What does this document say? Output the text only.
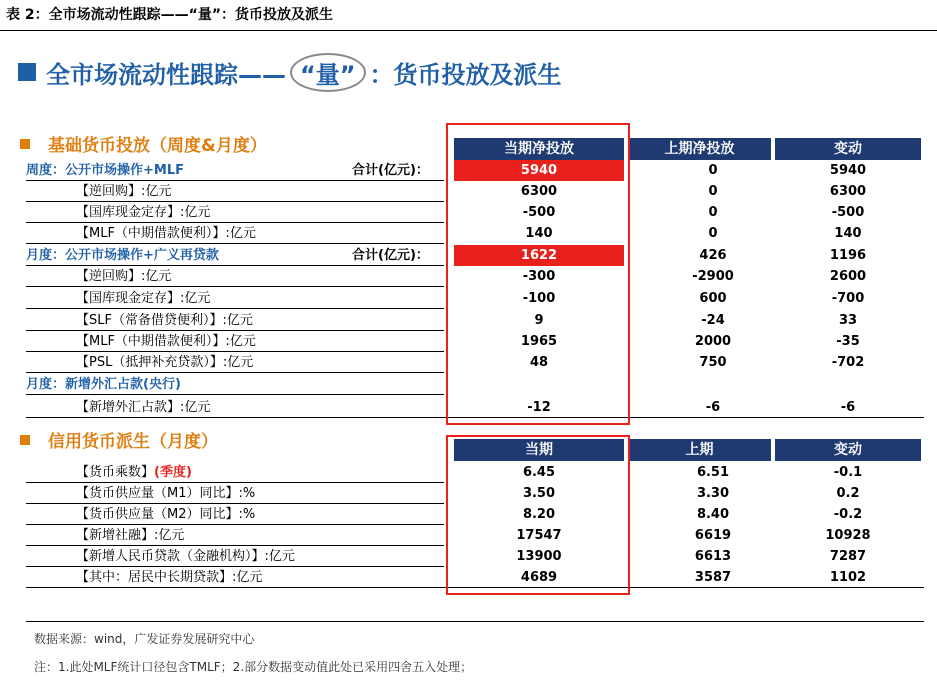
表 2：全市场流动性跟踪——“量”：货币投放及派生
全市场流动性跟踪—— “量” ：货币投放及派生
基础货币投放（周度&月度）	当期净投放	上期净投放	变动
周度：公开市场操作+MLF	合计(亿元)：	5940	0	5940
【逆回购】:亿元	6300	0	6300
【国库现金定存】:亿元	-500	0	-500
【MLF（中期借款便利）】:亿元	140	0	140
月度：公开市场操作+广义再贷款	合计(亿元)：	1622	426	1196
【逆回购】:亿元	-300	-2900	2600
【国库现金定存】:亿元	-100	600	-700
【SLF（常备借贷便利）】:亿元	9	-24	33
【MLF（中期借款便利）】:亿元	1965	2000	-35
【PSL（抵押补充贷款）】:亿元	48	750	-702
月度：新增外汇占款(央行)
【新增外汇占款】:亿元	-12	-6	-6
信用货币派生（月度）	当期	上期	变动
【货币乘数】(季度)	6.45	6.51	-0.1
【货币供应量（M1）同比】:%	3.50	3.30	0.2
【货币供应量（M2）同比】:%	8.20	8.40	-0.2
【新增社融】:亿元	17547	6619	10928
【新增人民币贷款（金融机构）】:亿元	13900	6613	7287
【其中：居民中长期贷款】:亿元	4689	3587	1102
数据来源：wind，广发证券发展研究中心
注：1.此处MLF统计口径包含TMLF；2.部分数据变动值此处已采用四舍五入处理；
